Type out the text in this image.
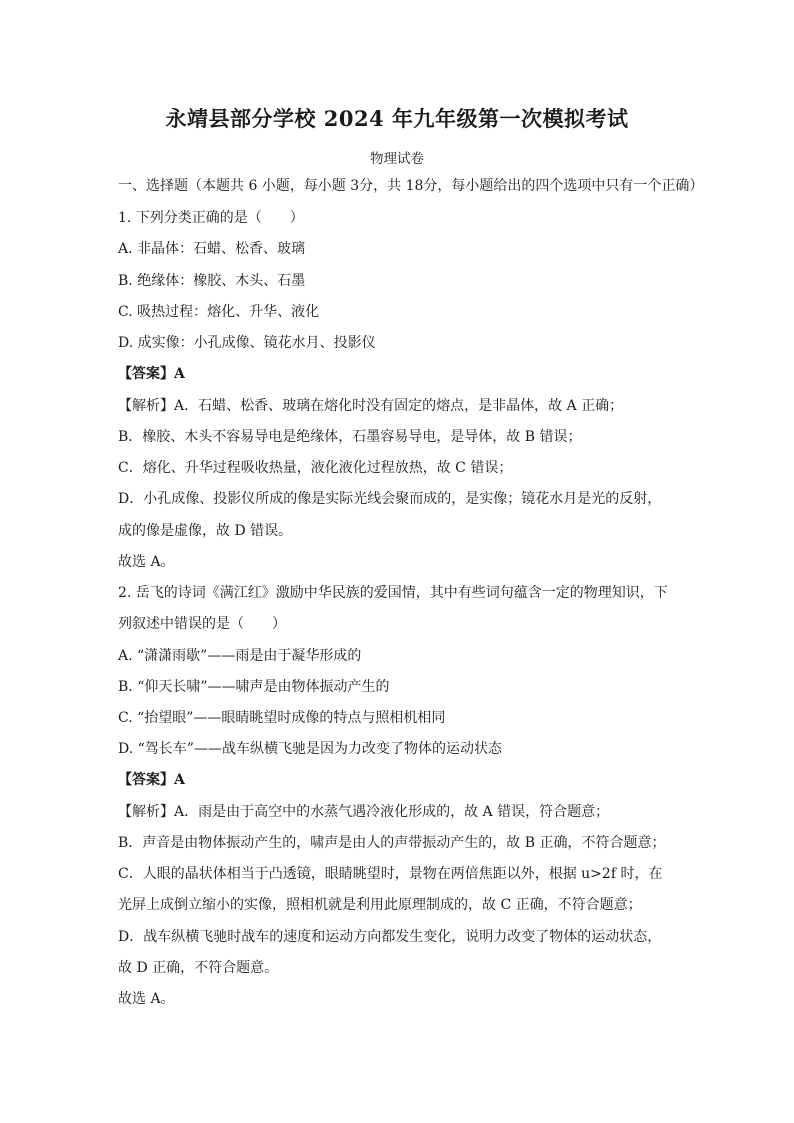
永靖县部分学校 2024 年九年级第一次模拟考试
物理试卷
一、选择题（本题共 6 小题，每小题 3分，共 18分，每小题给出的四个选项中只有一个正确）
1. 下列分类正确的是（　　）
A. 非晶体：石蜡、松香、玻璃
B. 绝缘体：橡胶、木头、石墨
C. 吸热过程：熔化、升华、液化
D. 成实像：小孔成像、镜花水月、投影仪
【答案】A
【解析】A．石蜡、松香、玻璃在熔化时没有固定的熔点，是非晶体，故 A 正确；
B．橡胶、木头不容易导电是绝缘体，石墨容易导电，是导体，故 B 错误；
C．熔化、升华过程吸收热量，液化液化过程放热，故 C 错误；
D．小孔成像、投影仪所成的像是实际光线会聚而成的，是实像；镜花水月是光的反射，
成的像是虚像，故 D 错误。
故选 A。
2. 岳飞的诗词《满江红》激励中华民族的爱国情，其中有些词句蕴含一定的物理知识，下
列叙述中错误的是（　　）
A. “潇潇雨歇”——雨是由于凝华形成的
B. “仰天长啸”——啸声是由物体振动产生的
C. “抬望眼”——眼睛眺望时成像的特点与照相机相同
D. “驾长车”——战车纵横飞驰是因为力改变了物体的运动状态
【答案】A
【解析】A．雨是由于高空中的水蒸气遇冷液化形成的，故 A 错误，符合题意；
B．声音是由物体振动产生的，啸声是由人的声带振动产生的，故 B 正确，不符合题意；
C．人眼的晶状体相当于凸透镜，眼睛眺望时，景物在两倍焦距以外，根据 u>2f 时，在
光屏上成倒立缩小的实像，照相机就是利用此原理制成的，故 C 正确，不符合题意；
D．战车纵横飞驰时战车的速度和运动方向都发生变化，说明力改变了物体的运动状态，
故 D 正确，不符合题意。
故选 A。
